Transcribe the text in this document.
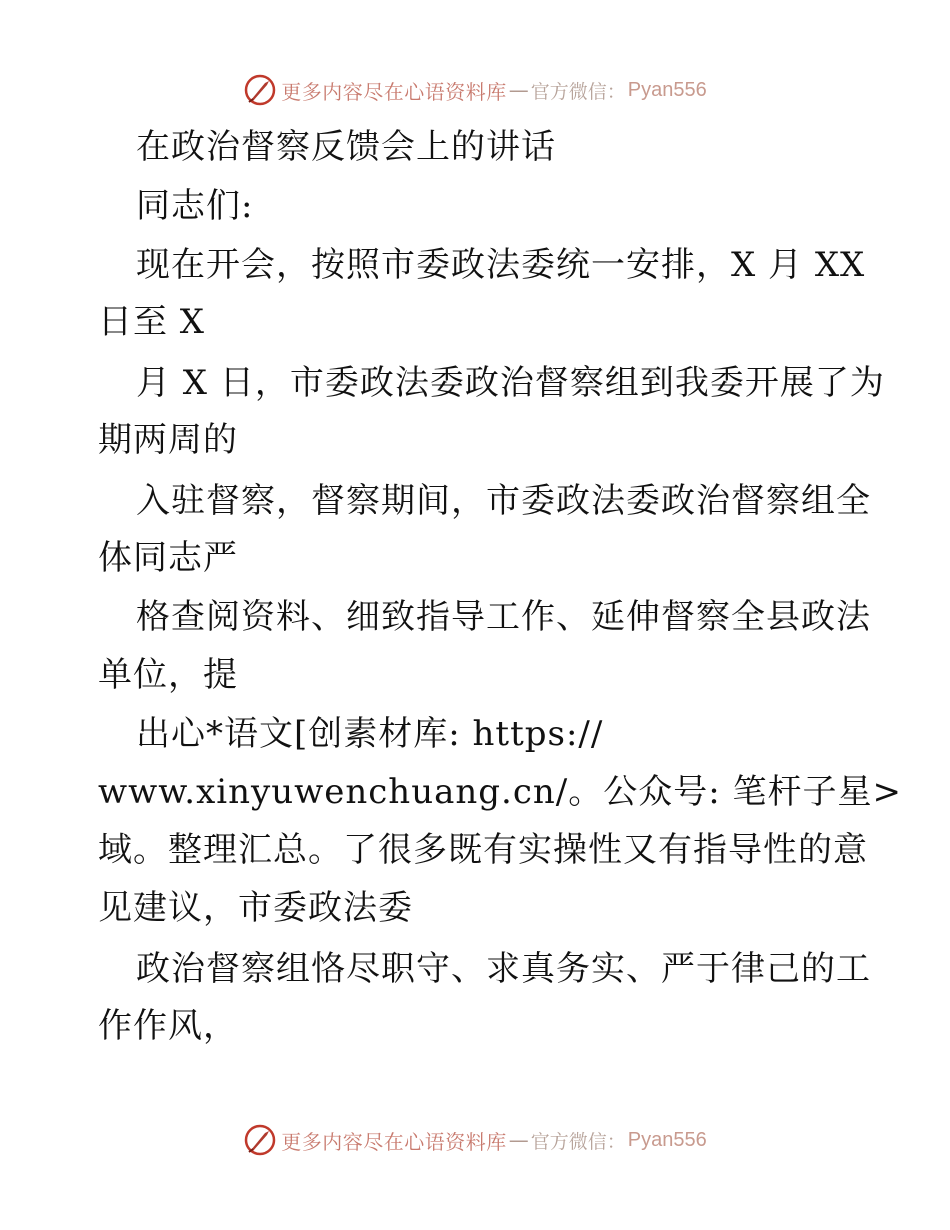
更多内容尽在心语资料库 — 官方微信： Pyan556
在政治督察反馈会上的讲话
同志们:
现在开会，按照市委政法委统一安排，X 月 XX
日至 X
月 X 日，市委政法委政治督察组到我委开展了为
期两周的
入驻督察，督察期间，市委政法委政治督察组全
体同志严
格查阅资料、细致指导工作、延伸督察全县政法
单位，提
出心*语文[创素材库: https://
www.xinyuwenchuang.cn/。公众号: 笔杆子星>
域。整理汇总。了很多既有实操性又有指导性的意
见建议，市委政法委
政治督察组恪尽职守、求真务实、严于律己的工
作作风，
更多内容尽在心语资料库 — 官方微信： Pyan556
